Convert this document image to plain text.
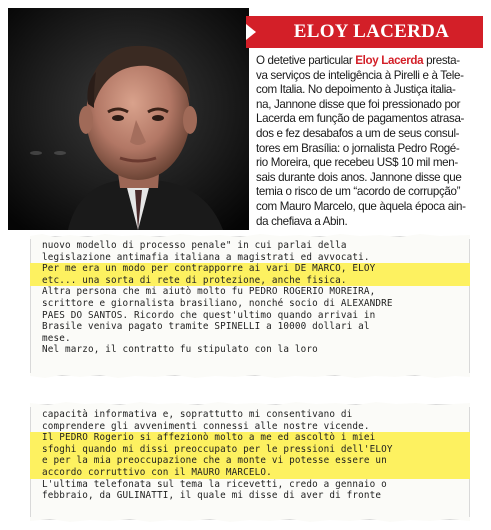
ELOY LACERDA
O detetive particular Eloy Lacerda presta-
va serviços de inteligência à Pirelli e à Tele-
com Italia. No depoimento à Justiça italia-
na, Jannone disse que foi pressionado por
Lacerda em função de pagamentos atrasa-
dos e fez desabafos a um de seus consul-
tores em Brasília: o jornalista Pedro Rogé-
rio Moreira, que recebeu US$ 10 mil men-
sais durante dois anos. Jannone disse que
temia o risco de um “acordo de corrupção”
com Mauro Marcelo, que àquela época ain-
da chefiava a Abin.
nuovo modello di processo penale" in cui parlai della
legislazione antimafia italiana a magistrati ed avvocati.
Per me era un modo per contrapporre ai vari DE MARCO, ELOY
etc... una sorta di rete di protezione, anche fisica.
Altra persona che mi aiutò molto fu PEDRO ROGERIO MOREIRA,
scrittore e giornalista brasiliano, nonché socio di ALEXANDRE
PAES DO SANTOS. Ricordo che quest'ultimo quando arrivai in
Brasile veniva pagato tramite SPINELLI a 10000 dollari al
mese.
Nel marzo, il contratto fu stipulato con la loro
capacità informativa e, soprattutto mi consentivano di
comprendere gli avvenimenti connessi alle nostre vicende.
Il PEDRO Rogerio si affezionò molto a me ed ascoltò i miei
sfoghi quando mi dissi preoccupato per le pressioni dell'ELOY
e per la mia preoccupazione che a monte vi potesse essere un
accordo corruttivo con il MAURO MARCELO.
L'ultima telefonata sul tema la ricevetti, credo a gennaio o
febbraio, da GULINATTI, il quale mi disse di aver di fronte
